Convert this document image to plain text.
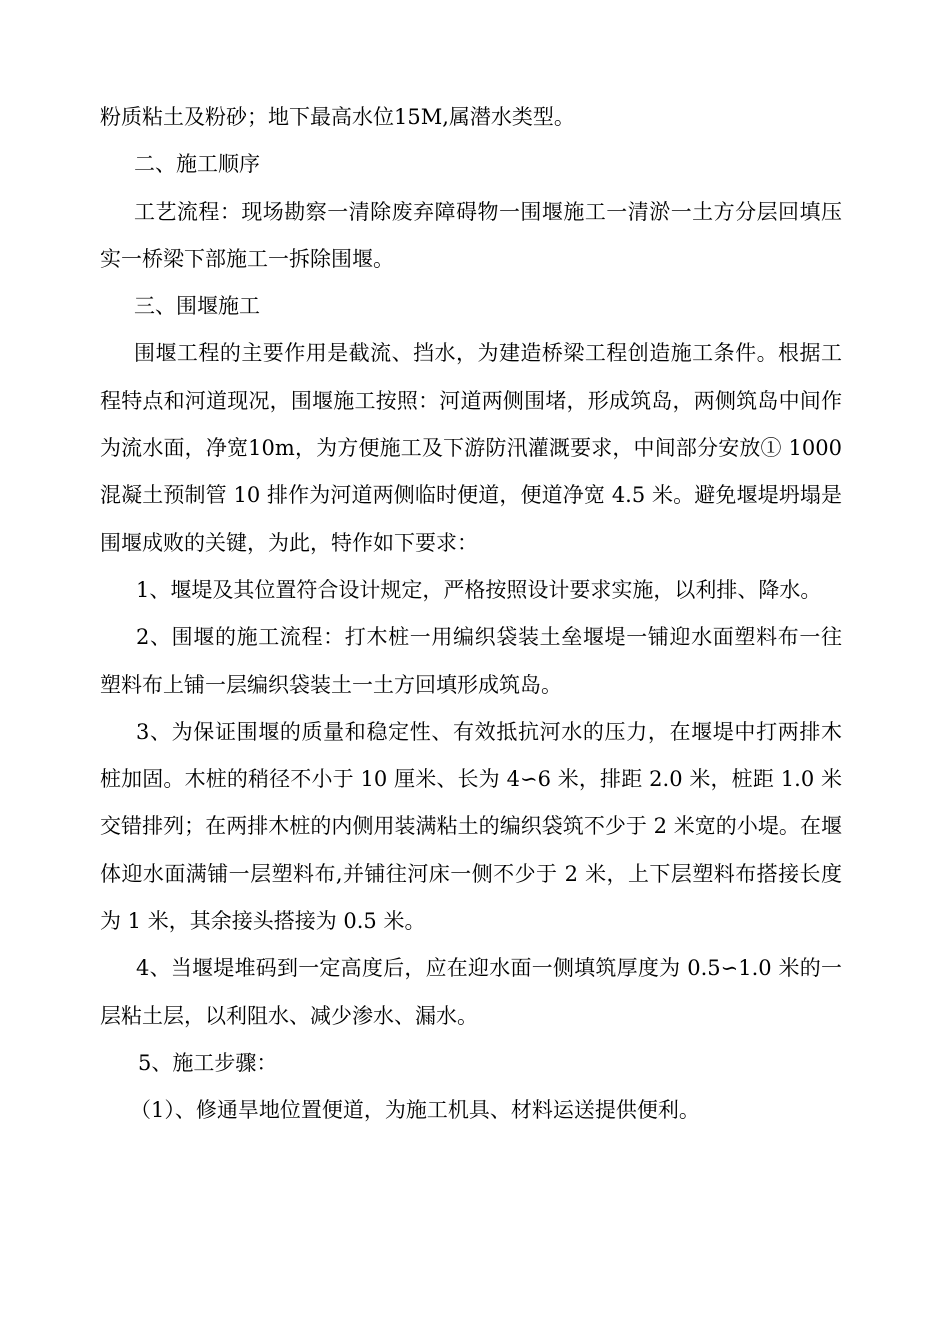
粉质粘土及粉砂；地下最高水位15M,属潜水类型。

二、施工顺序

工艺流程：现场勘察一清除废弃障碍物一围堰施工一清淤一土方分层回填压实一桥梁下部施工一拆除围堰。

三、围堰施工

围堰工程的主要作用是截流、挡水，为建造桥梁工程创造施工条件。根据工程特点和河道现况，围堰施工按照：河道两侧围堵，形成筑岛，两侧筑岛中间作为流水面，净宽10m，为方便施工及下游防汛灌溉要求，中间部分安放① 1000 混凝土预制管 10 排作为河道两侧临时便道，便道净宽 4.5 米。避免堰堤坍塌是围堰成败的关键，为此，特作如下要求：

1、堰堤及其位置符合设计规定，严格按照设计要求实施，以利排、降水。

2、围堰的施工流程：打木桩一用编织袋装土垒堰堤一铺迎水面塑料布一往塑料布上铺一层编织袋装土一土方回填形成筑岛。

3、为保证围堰的质量和稳定性、有效抵抗河水的压力，在堰堤中打两排木桩加固。木桩的稍径不小于 10 厘米、长为 4∽6 米，排距 2.0 米，桩距 1.0 米交错排列；在两排木桩的内侧用装满粘土的编织袋筑不少于 2 米宽的小堤。在堰体迎水面满铺一层塑料布,并铺往河床一侧不少于 2 米，上下层塑料布搭接长度为 1 米，其余接头搭接为 0.5 米。

4、当堰堤堆码到一定高度后，应在迎水面一侧填筑厚度为 0.5∽1.0 米的一层粘土层，以利阻水、减少渗水、漏水。

5、施工步骤：

（1）、修通旱地位置便道，为施工机具、材料运送提供便利。
